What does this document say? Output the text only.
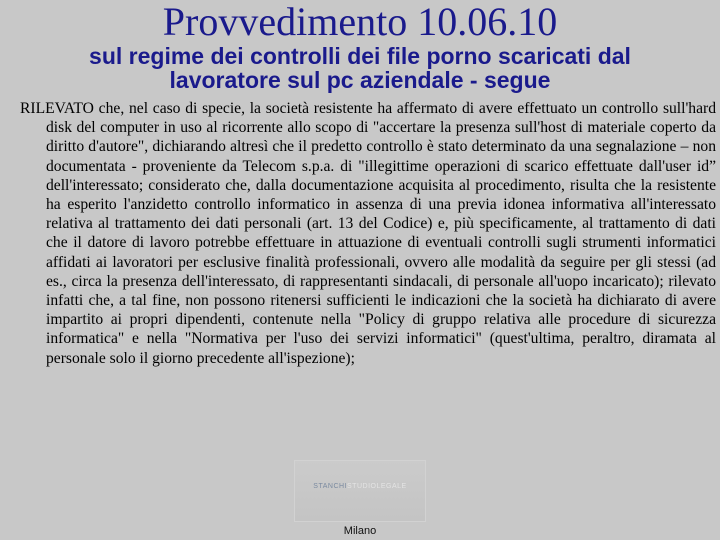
Provvedimento 10.06.10
sul regime dei controlli dei file porno scaricati dal
lavoratore sul pc aziendale - segue

RILEVATO che, nel caso di specie, la società resistente ha affermato di avere effettuato un controllo sull'hard disk del computer in uso al ricorrente allo scopo di "accertare la presenza sull'host di materiale coperto da diritto d'autore", dichiarando altresì che il predetto controllo è stato determinato da una segnalazione – non documentata - proveniente da Telecom s.p.a. di "illegittime operazioni di scarico effettuate dall'user id” dell'interessato; considerato che, dalla documentazione acquisita al procedimento, risulta che la resistente ha esperito l'anzidetto controllo informatico in assenza di una previa idonea informativa all'interessato relativa al trattamento dei dati personali (art. 13 del Codice) e, più specificamente, al trattamento di dati che il datore di lavoro potrebbe effettuare in attuazione di eventuali controlli sugli strumenti informatici affidati ai lavoratori per esclusive finalità professionali, ovvero alle modalità da seguire per gli stessi (ad es., circa la presenza dell'interessato, di rappresentanti sindacali, di personale all'uopo incaricato); rilevato infatti che, a tal fine, non possono ritenersi sufficienti le indicazioni che la società ha dichiarato di avere impartito ai propri dipendenti, contenute nella "Policy di gruppo relativa alle procedure di sicurezza informatica" e nella "Normativa per l'uso dei servizi informatici" (quest'ultima, peraltro, diramata al personale solo il giorno precedente all'ispezione);

STANCHISTUDIOLEGALE
Milano
